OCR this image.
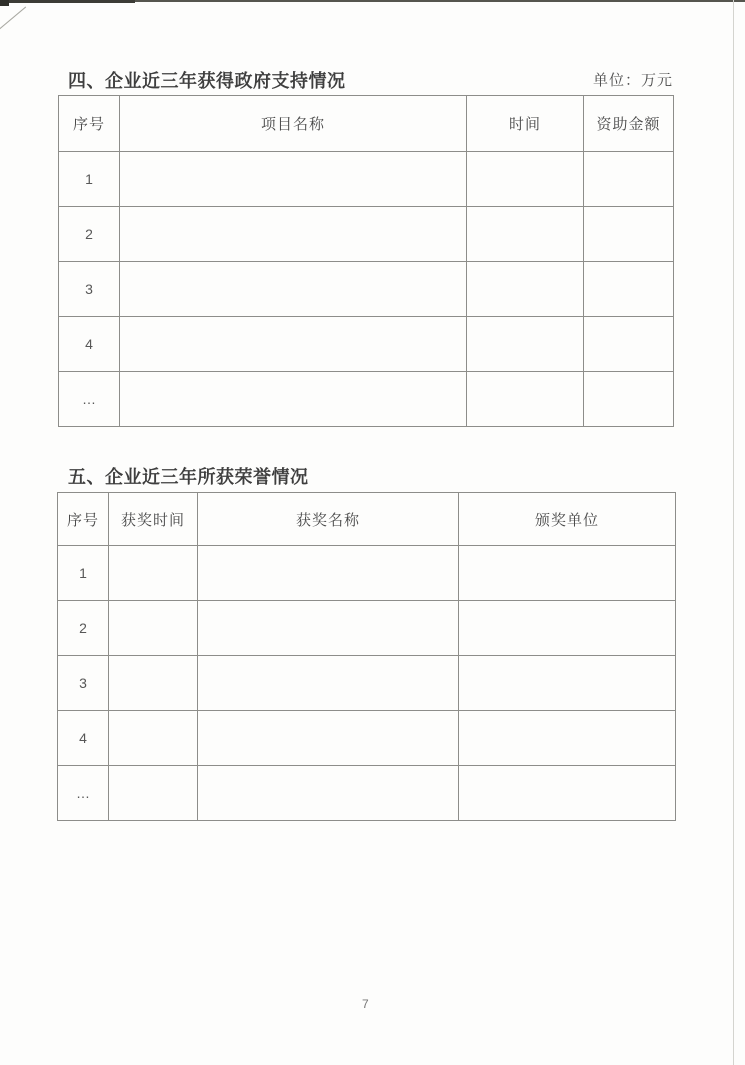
四、企业近三年获得政府支持情况	单位：万元
序号	项目名称	时间	资助金额
1			
2			
3			
4			
…			
五、企业近三年所获荣誉情况
序号	获奖时间	获奖名称	颁奖单位
1			
2			
3			
4			
…			
7
